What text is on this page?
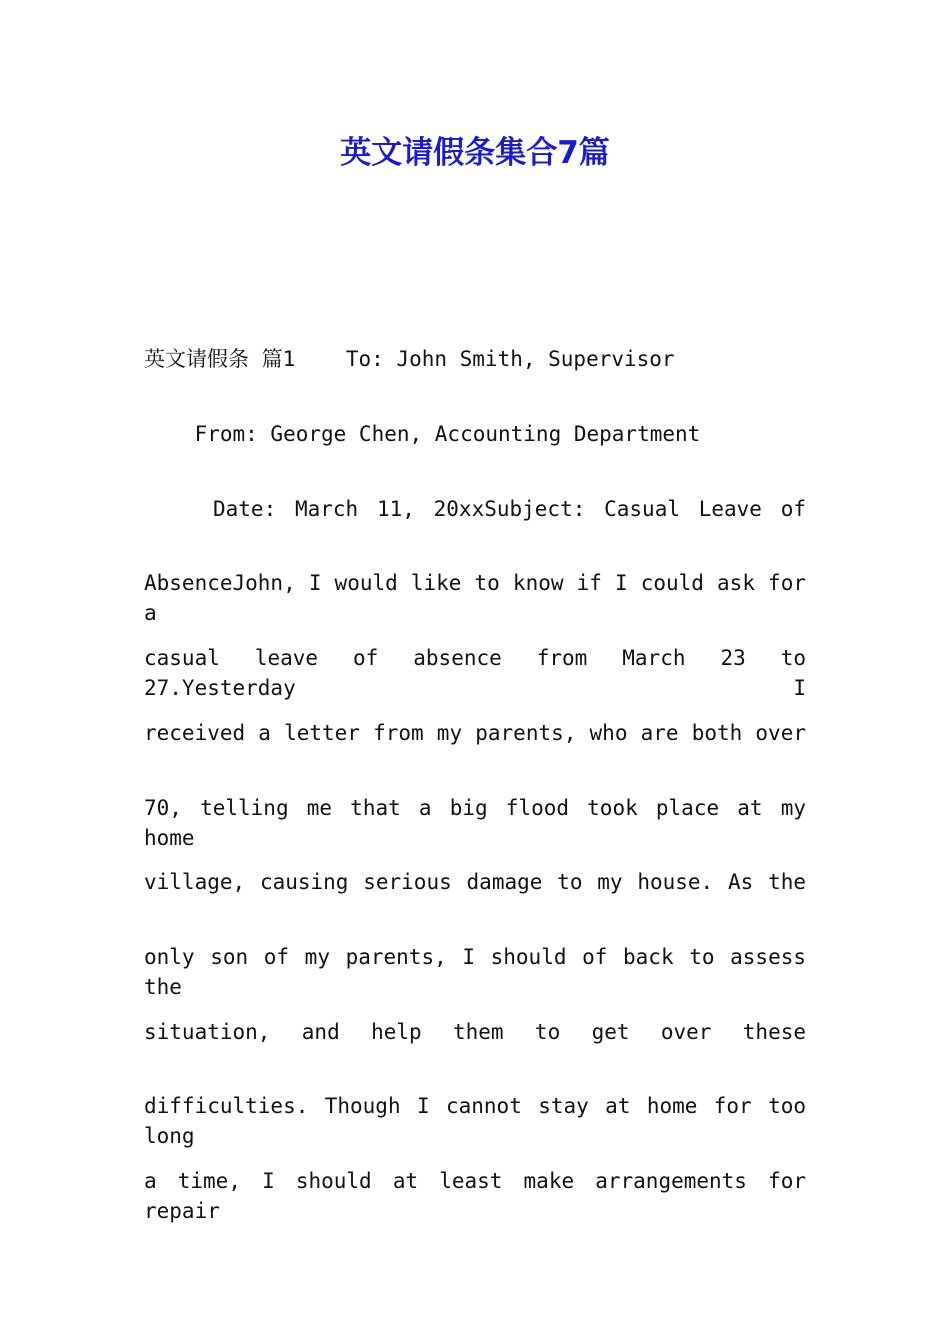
英文请假条集合7篇
英文请假条 篇1    To: John Smith, Supervisor
From: George Chen, Accounting Department
Date: March 11, 20xxSubject: Casual Leave of
AbsenceJohn, I would like to know if I could ask for a
casual leave of absence from March 23 to 27.Yesterday I
received a letter from my parents, who are both over
70, telling me that a big flood took place at my home
village, causing serious damage to my house. As the
only son of my parents, I should of back to assess the
situation, and help them to get over these
difficulties. Though I cannot stay at home for too long
a time, I should at least make arrangements for repair
